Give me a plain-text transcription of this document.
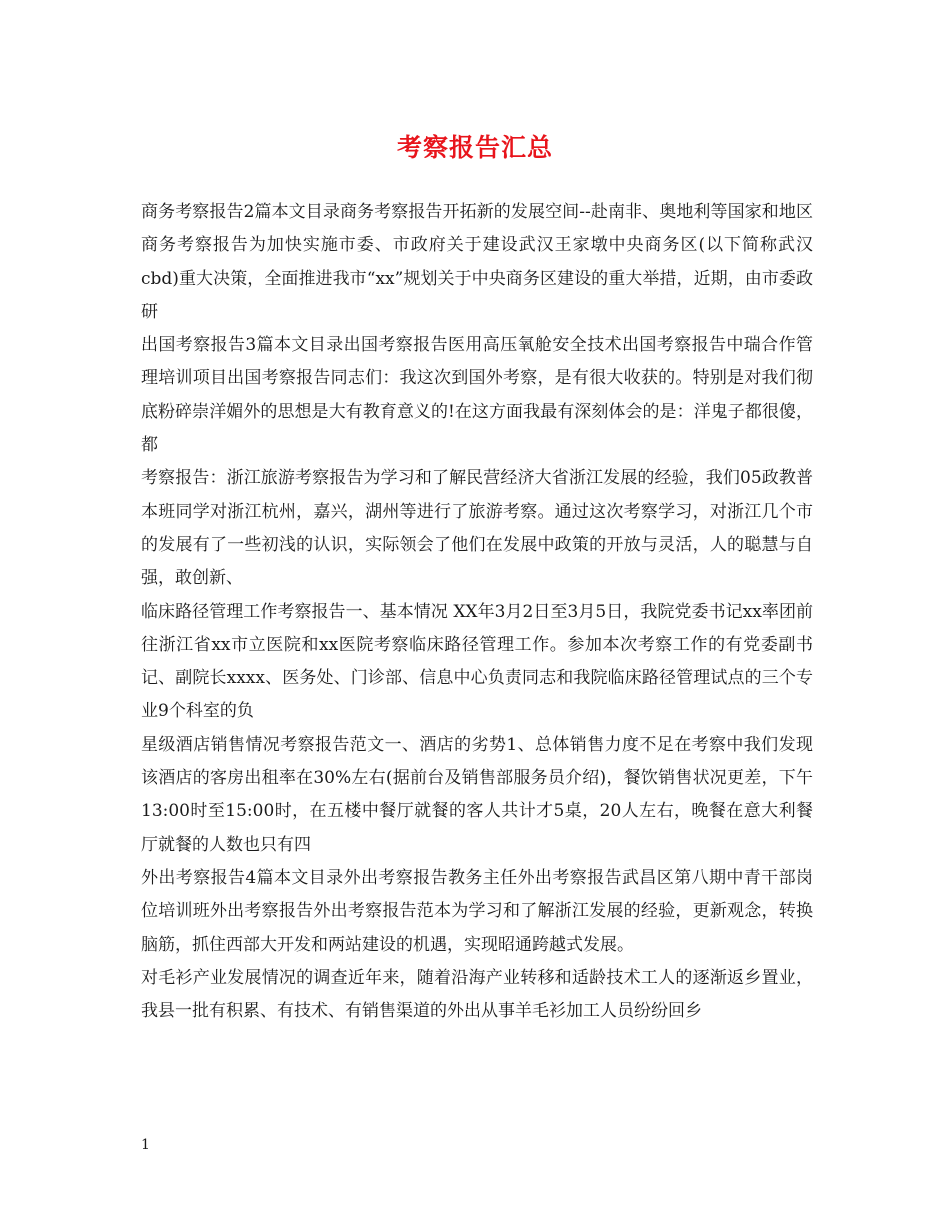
考察报告汇总

商务考察报告2篇本文目录商务考察报告开拓新的发展空间--赴南非、奥地利等国家和地区商务考察报告为加快实施市委、市政府关于建设武汉王家墩中央商务区(以下简称武汉cbd)重大决策，全面推进我市“xx”规划关于中央商务区建设的重大举措，近期，由市委政研

出国考察报告3篇本文目录出国考察报告医用高压氧舱安全技术出国考察报告中瑞合作管理培训项目出国考察报告同志们：我这次到国外考察，是有很大收获的。特别是对我们彻底粉碎崇洋媚外的思想是大有教育意义的!在这方面我最有深刻体会的是：洋鬼子都很傻，都

考察报告：浙江旅游考察报告为学习和了解民营经济大省浙江发展的经验，我们05政教普本班同学对浙江杭州，嘉兴，湖州等进行了旅游考察。通过这次考察学习，对浙江几个市的发展有了一些初浅的认识，实际领会了他们在发展中政策的开放与灵活，人的聪慧与自强，敢创新、

临床路径管理工作考察报告一、基本情况 XX年3月2日至3月5日，我院党委书记xx率团前往浙江省xx市立医院和xx医院考察临床路径管理工作。参加本次考察工作的有党委副书记、副院长xxxx、医务处、门诊部、信息中心负责同志和我院临床路径管理试点的三个专业9个科室的负

星级酒店销售情况考察报告范文一、酒店的劣势1、总体销售力度不足在考察中我们发现该酒店的客房出租率在30%左右(据前台及销售部服务员介绍)，餐饮销售状况更差，下午13:00时至15:00时，在五楼中餐厅就餐的客人共计才5桌，20人左右，晚餐在意大利餐厅就餐的人数也只有四

外出考察报告4篇本文目录外出考察报告教务主任外出考察报告武昌区第八期中青干部岗位培训班外出考察报告外出考察报告范本为学习和了解浙江发展的经验，更新观念，转换脑筋，抓住西部大开发和两站建设的机遇，实现昭通跨越式发展。

对毛衫产业发展情况的调查近年来，随着沿海产业转移和适龄技术工人的逐渐返乡置业，我县一批有积累、有技术、有销售渠道的外出从事羊毛衫加工人员纷纷回乡

1
